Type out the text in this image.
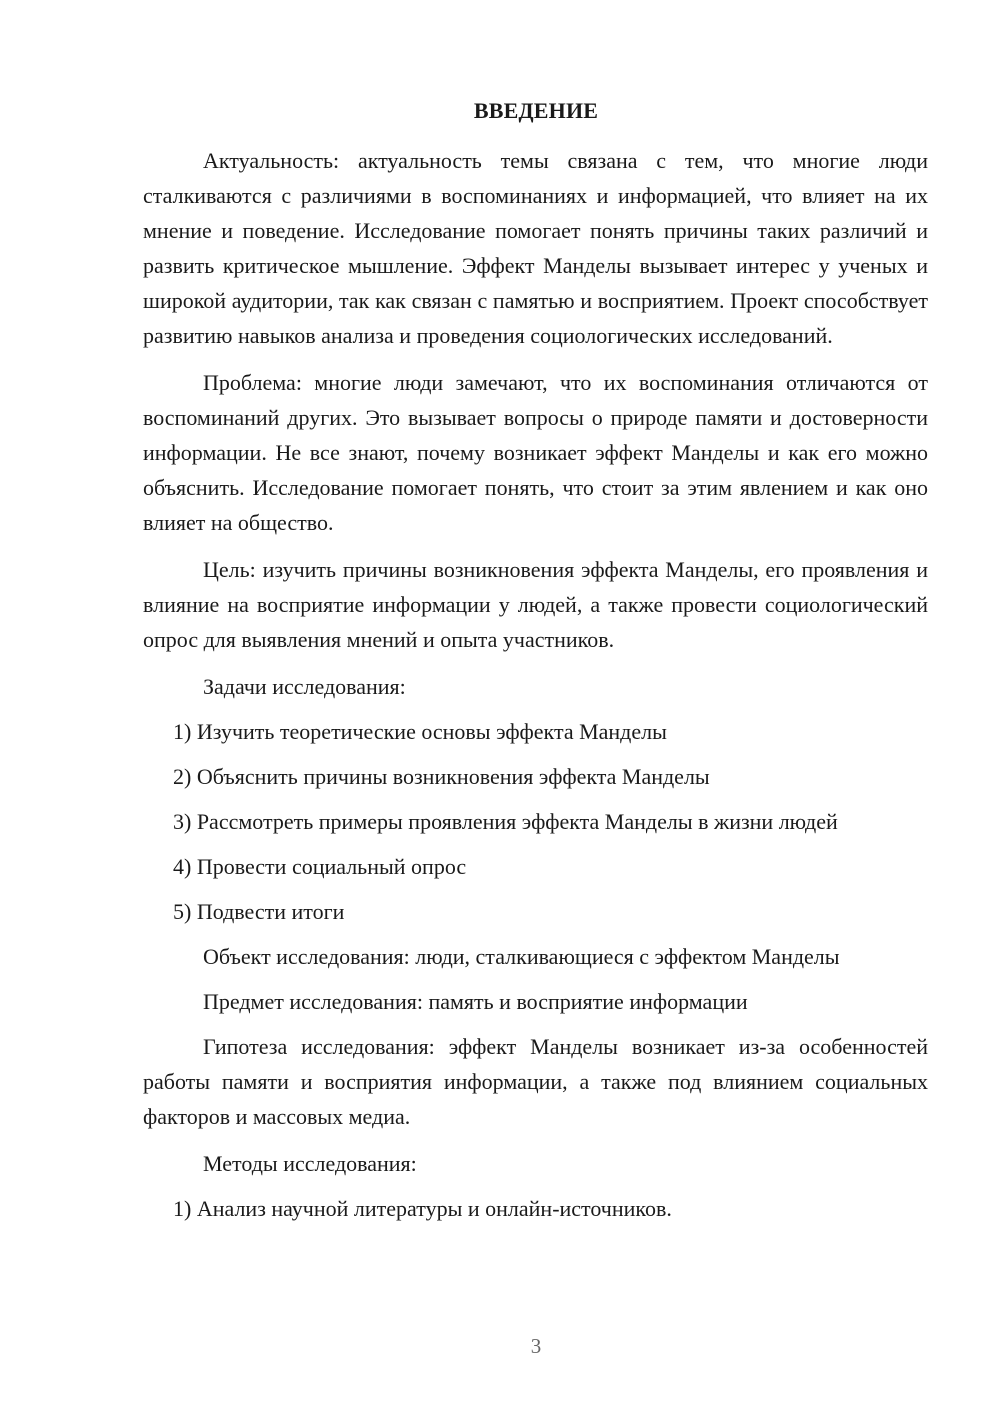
ВВЕДЕНИЕ

Актуальность: актуальность темы связана с тем, что многие люди сталкиваются с различиями в воспоминаниях и информацией, что влияет на их мнение и поведение. Исследование помогает понять причины таких различий и развить критическое мышление. Эффект Манделы вызывает интерес у ученых и широкой аудитории, так как связан с памятью и восприятием. Проект способствует развитию навыков анализа и проведения социологических исследований.

Проблема: многие люди замечают, что их воспоминания отличаются от воспоминаний других. Это вызывает вопросы о природе памяти и достоверности информации. Не все знают, почему возникает эффект Манделы и как его можно объяснить. Исследование помогает понять, что стоит за этим явлением и как оно влияет на общество.

Цель: изучить причины возникновения эффекта Манделы, его проявления и влияние на восприятие информации у людей, а также провести социологический опрос для выявления мнений и опыта участников.

Задачи исследования:

1) Изучить теоретические основы эффекта Манделы

2) Объяснить причины возникновения эффекта Манделы

3) Рассмотреть примеры проявления эффекта Манделы в жизни людей

4) Провести социальный опрос

5) Подвести итоги

Объект исследования: люди, сталкивающиеся с эффектом Манделы

Предмет исследования: память и восприятие информации

Гипотеза исследования: эффект Манделы возникает из-за особенностей работы памяти и восприятия информации, а также под влиянием социальных факторов и массовых медиа.

Методы исследования:

1) Анализ научной литературы и онлайн-источников.

3
